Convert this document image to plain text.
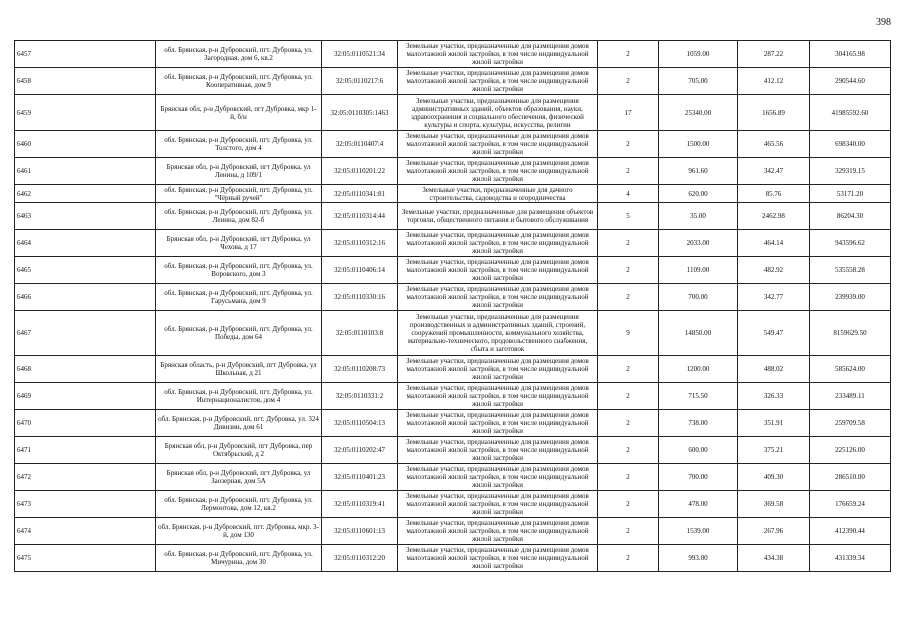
398
6457	обл. Брянская, р-н Дубровский, пгт. Дубровка, ул. Загородная, дом 6, кв.2	32:05:0110521:34	Земельные участки, предназначенные для размещения домов малоэтажной жилой застройки, в том числе индивидуальной жилой застройки	2	1059.00	287.22	304165.98
6458	обл. Брянская, р-н Дубровский, пгт. Дубровка, ул. Кооперативная, дом 9	32:05:0110217:6	Земельные участки, предназначенные для размещения домов малоэтажной жилой застройки, в том числе индивидуальной жилой застройки	2	705.00	412.12	290544.60
6459	Брянская обл, р-н Дубровский, пгт Дубровка, мкр 1-й, б/н	32:05:0110305:1463	Земельные участки, предназначенные для размещения административных зданий, объектов образования, науки, здравоохранения и социального обеспечения, физической культуры и спорта, культуры, искусства, религии	17	25340.00	1656.89	41985592.60
6460	обл. Брянская, р-н Дубровский, пгт. Дубровка, ул. Толстого, дом 4	32:05:0110407:4	Земельные участки, предназначенные для размещения домов малоэтажной жилой застройки, в том числе индивидуальной жилой застройки	2	1500.00	465.56	698340.00
6461	Брянская обл, р-н Дубровский, пгт Дубровка, ул Ленина, д 109/1	32:05:0110201:22	Земельные участки, предназначенные для размещения домов малоэтажной жилой застройки, в том числе индивидуальной жилой застройки	2	961.60	342.47	329319.15
6462	обл. Брянская, р-н Дубровский, пгт. Дубровка, ул. "Чёрный ручей"	32:05:0110341:81	Земельные участки, предназначенные для дачного строительства, садоводства и огородничества	4	620.00	85.76	53171.20
6463	обл. Брянская, р-н Дубровский, пгт. Дубровка, ул. Ленина, дом 82-б	32:05:0110314:44	Земельные участки, предназначенные для размещения объектов торговли, общественного питания и бытового обслуживания	5	35.00	2462.98	86204.30
6464	Брянская обл, р-н Дубровский, пгт Дубровка, ул Чехова, д 17	32:05:0110312:16	Земельные участки, предназначенные для размещения домов малоэтажной жилой застройки, в том числе индивидуальной жилой застройки	2	2033.00	464.14	943596.62
6465	обл. Брянская, р-н Дубровский, пгт. Дубровка, ул. Воровского, дом 3	32:05:0110406:14	Земельные участки, предназначенные для размещения домов малоэтажной жилой застройки, в том числе индивидуальной жилой застройки	2	1109.00	482.92	535558.28
6466	обл. Брянская, р-н Дубровский, пгт. Дубровка, ул. Гарусьмана, дом 9	32:05:0110330:16	Земельные участки, предназначенные для размещения домов малоэтажной жилой застройки, в том числе индивидуальной жилой застройки	2	700.00	342.77	239939.00
6467	обл. Брянская, р-н Дубровский, пгт. Дубровка, ул. Победы, дом 64	32:05:0110103:8	Земельные участки, предназначенные для размещения производственных и административных зданий, строений, сооружений промышленности, коммунального хозяйства, материально-технического, продовольственного снабжения, сбыта и заготовок	9	14850.00	549.47	8159629.50
6468	Брянская область, р-н Дубровский, пгт Дубровка, ул Школьная, д 21	32:05:0110208:73	Земельные участки, предназначенные для размещения домов малоэтажной жилой застройки, в том числе индивидуальной жилой застройки	2	1200.00	488.02	585624.00
6469	обл. Брянская, р-н Дубровский, пгт. Дубровка, ул. Интернационалистов, дом 4	32:05:0110331:2	Земельные участки, предназначенные для размещения домов малоэтажной жилой застройки, в том числе индивидуальной жилой застройки	2	715.50	326.33	233489.11
6470	обл. Брянская, р-н Дубровский, пгт. Дубровка, ул. 324 Дивизии, дом 61	32:05:0110504:13	Земельные участки, предназначенные для размещения домов малоэтажной жилой застройки, в том числе индивидуальной жилой застройки	2	738.00	351.91	259709.58
6471	Брянская обл, р-н Дубровский, пгт Дубровка, пер Октябрьский, д 2	32:05:0110202:47	Земельные участки, предназначенные для размещения домов малоэтажной жилой застройки, в том числе индивидуальной жилой застройки	2	600.00	375.21	225126.00
6472	Брянская обл, р-н Дубровский, пгт Дубровка, ул Заозерная, дом 5А	32:05:0110401:23	Земельные участки, предназначенные для размещения домов малоэтажной жилой застройки, в том числе индивидуальной жилой застройки	2	700.00	409.30	286510.00
6473	обл. Брянская, р-н Дубровский, пгт. Дубровка, ул. Лермонтова, дом 12, кв.2	32:05:0110319:41	Земельные участки, предназначенные для размещения домов малоэтажной жилой застройки, в том числе индивидуальной жилой застройки	2	478.00	369.58	176659.24
6474	обл. Брянская, р-н Дубровский, пгт. Дубровка, мкр. 3-й, дом 130	32:05:0110601:13	Земельные участки, предназначенные для размещения домов малоэтажной жилой застройки, в том числе индивидуальной жилой застройки	2	1539.00	267.96	412390.44
6475	обл. Брянская, р-н Дубровский, пгт. Дубровка, ул. Мичурина, дом 30	32:05:0110312:20	Земельные участки, предназначенные для размещения домов малоэтажной жилой застройки, в том числе индивидуальной жилой застройки	2	993.00	434.38	431339.34
